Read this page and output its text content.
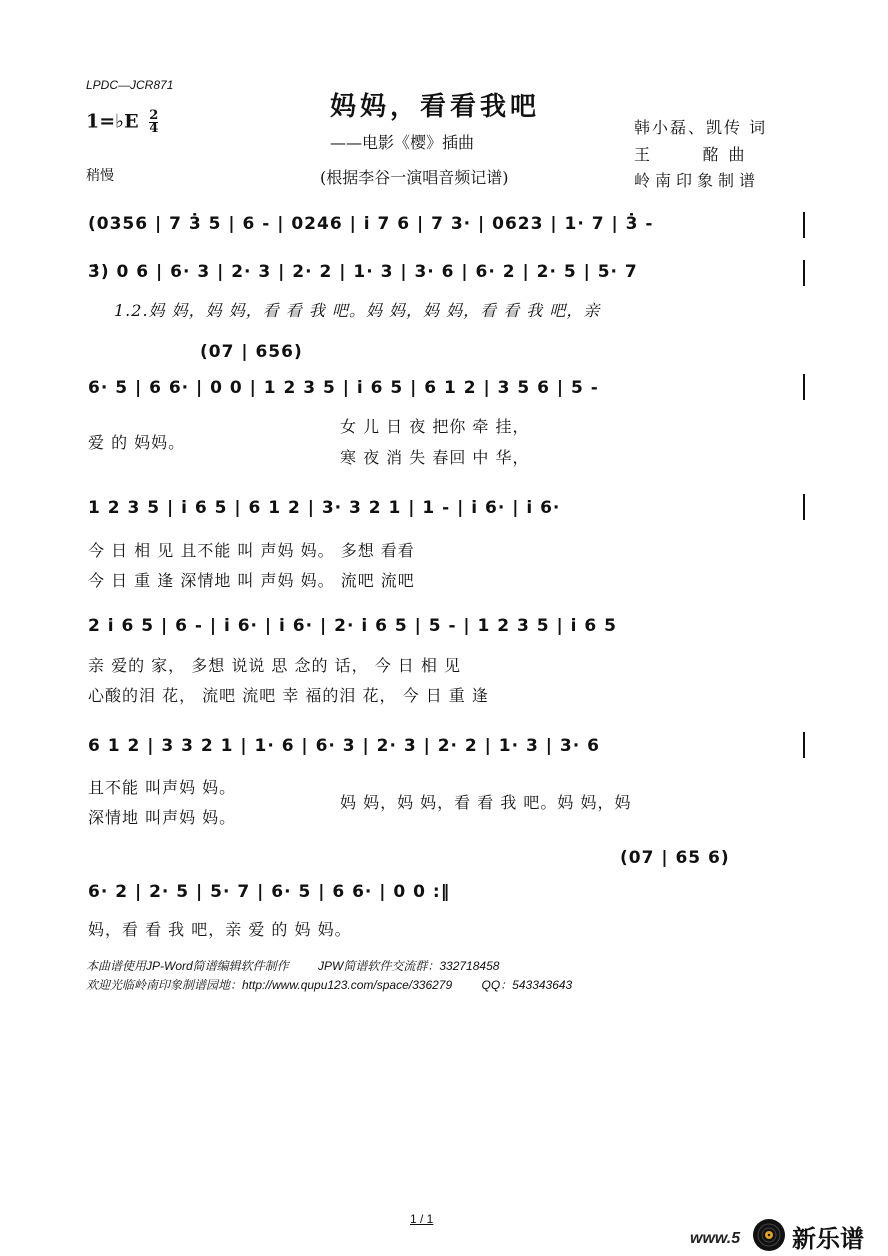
LPDC—JCR871
1=♭E $\frac{2}{4}$
稍慢
妈妈，看看我吧
——电影《樱》插曲
(根据李谷一演唱音频记谱)
韩小磊、凯传 词
王     酩 曲
岭南印象制谱
(0356 | 7 3̇ 5 | 6 - | 0246 | i 7 6 | 7 3· | 0623 | 1· 7 | 3̇ -
3̇) 0 6 | 6· 3 | 2· 3 | 2· 2 | 1· 3 | 3· 6 | 6· 2 | 2· 5 | 5· 7
1.2.妈 妈，妈 妈，看 看 我 吧。妈 妈，妈 妈，看 看 我 吧，亲
(07 | 656)
6· 5 | 6 6· | 0 0 | 1 2 3 5 | i 6 5 | 6 1 2 | 3 5 6 | 5 -
爱 的 妈妈。
女 儿 日 夜 把你 牵 挂，
寒 夜 消 失 春回 中 华，
1 2 3 5 | i 6 5 | 6 1 2 | 3· 3 2 1 | 1 - | i 6· | i 6·
今 日 相 见 且不能 叫 声妈 妈。 多想 看看
今 日 重 逢 深情地 叫 声妈 妈。 流吧 流吧
2 i 6 5 | 6 - | i 6· | i 6· | 2· i 6 5 | 5 - | 1 2 3 5 | i 6 5
亲 爱的 家， 多想 说说 思 念的 话， 今 日 相 见
心酸的泪 花， 流吧 流吧 幸 福的泪 花， 今 日 重 逢
6 1 2 | 3 3 2 1 | 1· 6 | 6· 3 | 2· 3 | 2· 2 | 1· 3 | 3· 6
且不能 叫声妈 妈。
深情地 叫声妈 妈。
妈 妈，妈 妈，看 看 我 吧。妈 妈，妈
(07 | 65 6)
6· 2 | 2· 5 | 5· 7 | 6· 5 | 6 6· | 0 0 :‖
妈，看 看 我 吧，亲 爱 的 妈 妈。
本曲谱使用JP-Word简谱编辑软件制作 JPW简谱软件交流群：332718458
欢迎光临岭南印象制谱园地：http://www.qupu123.com/space/336279 QQ：543343643
1 / 1
www.5 新乐谱
